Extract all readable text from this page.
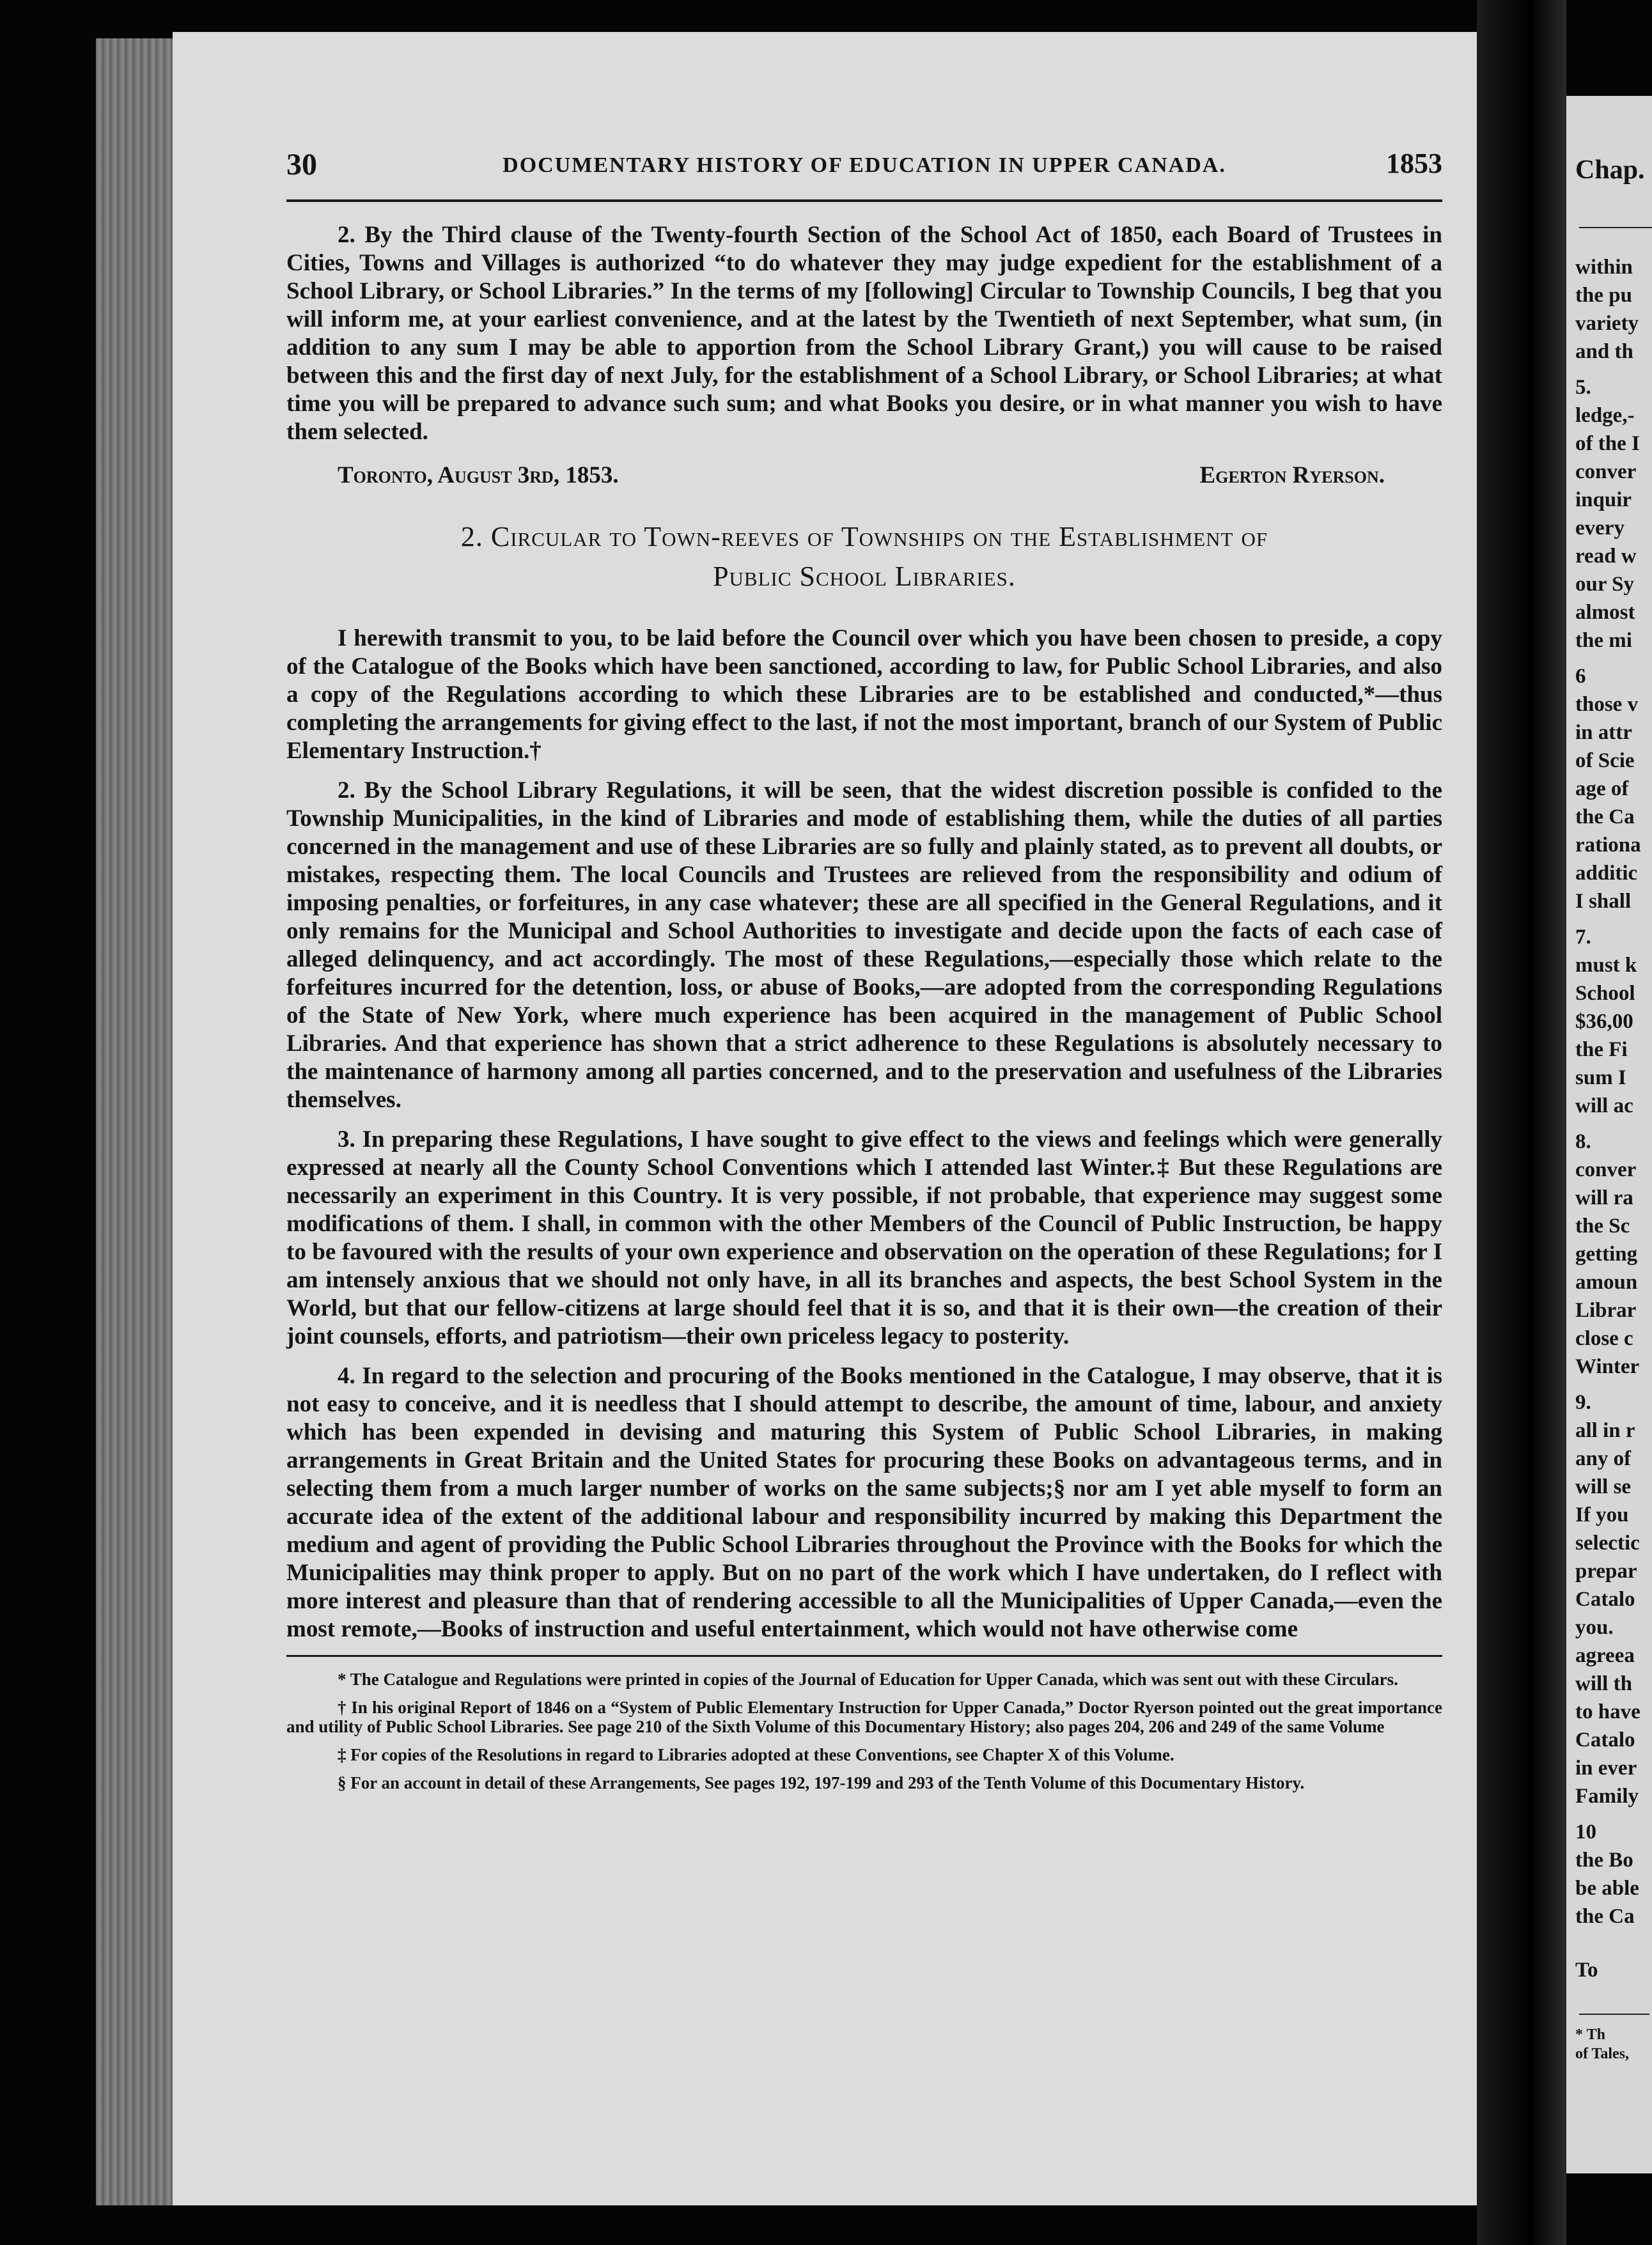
30	DOCUMENTARY HISTORY OF EDUCATION IN UPPER CANADA.	1853

2. By the Third clause of the Twenty-fourth Section of the School Act of 1850, each Board of Trustees in Cities, Towns and Villages is authorized “to do whatever they may judge expedient for the establishment of a School Library, or School Libraries.” In the terms of my [following] Circular to Township Councils, I beg that you will inform me, at your earliest convenience, and at the latest by the Twentieth of next September, what sum, (in addition to any sum I may be able to apportion from the School Library Grant,) you will cause to be raised between this and the first day of next July, for the establishment of a School Library, or School Libraries; at what time you will be prepared to advance such sum; and what Books you desire, or in what manner you wish to have them selected.

Toronto, August 3rd, 1853.	Egerton Ryerson.
2. Circular to Town-reeves of Townships on the Establishment of
Public School Libraries.

I herewith transmit to you, to be laid before the Council over which you have been chosen to preside, a copy of the Catalogue of the Books which have been sanctioned, according to law, for Public School Libraries, and also a copy of the Regulations according to which these Libraries are to be established and conducted,*—thus completing the arrangements for giving effect to the last, if not the most important, branch of our System of Public Elementary Instruction.†

2. By the School Library Regulations, it will be seen, that the widest discretion possible is confided to the Township Municipalities, in the kind of Libraries and mode of establishing them, while the duties of all parties concerned in the management and use of these Libraries are so fully and plainly stated, as to prevent all doubts, or mistakes, respecting them. The local Councils and Trustees are relieved from the responsibility and odium of imposing penalties, or forfeitures, in any case whatever; these are all specified in the General Regulations, and it only remains for the Municipal and School Authorities to investigate and decide upon the facts of each case of alleged delinquency, and act accordingly. The most of these Regulations,—especially those which relate to the forfeitures incurred for the detention, loss, or abuse of Books,—are adopted from the corresponding Regulations of the State of New York, where much experience has been acquired in the management of Public School Libraries. And that experience has shown that a strict adherence to these Regulations is absolutely necessary to the maintenance of harmony among all parties concerned, and to the preservation and usefulness of the Libraries themselves.

3. In preparing these Regulations, I have sought to give effect to the views and feelings which were generally expressed at nearly all the County School Conventions which I attended last Winter.‡ But these Regulations are necessarily an experiment in this Country. It is very possible, if not probable, that experience may suggest some modifications of them. I shall, in common with the other Members of the Council of Public Instruction, be happy to be favoured with the results of your own experience and observation on the operation of these Regulations; for I am intensely anxious that we should not only have, in all its branches and aspects, the best School System in the World, but that our fellow-citizens at large should feel that it is so, and that it is their own—the creation of their joint counsels, efforts, and patriotism—their own priceless legacy to posterity.

4. In regard to the selection and procuring of the Books mentioned in the Catalogue, I may observe, that it is not easy to conceive, and it is needless that I should attempt to describe, the amount of time, labour, and anxiety which has been expended in devising and maturing this System of Public School Libraries, in making arrangements in Great Britain and the United States for procuring these Books on advantageous terms, and in selecting them from a much larger number of works on the same subjects;§ nor am I yet able myself to form an accurate idea of the extent of the additional labour and responsibility incurred by making this Department the medium and agent of providing the Public School Libraries throughout the Province with the Books for which the Municipalities may think proper to apply. But on no part of the work which I have undertaken, do I reflect with more interest and pleasure than that of rendering accessible to all the Municipalities of Upper Canada,—even the most remote,—Books of instruction and useful entertainment, which would not have otherwise come

* The Catalogue and Regulations were printed in copies of the Journal of Education for Upper Canada, which was sent out with these Circulars.

† In his original Report of 1846 on a “System of Public Elementary Instruction for Upper Canada,” Doctor Ryerson pointed out the great importance and utility of Public School Libraries. See page 210 of the Sixth Volume of this Documentary History; also pages 204, 206 and 249 of the same Volume

‡ For copies of the Resolutions in regard to Libraries adopted at these Conventions, see Chapter X of this Volume.

§ For an account in detail of these Arrangements, See pages 192, 197-199 and 293 of the Tenth Volume of this Documentary History.

Chap.
within
the pu
variety
and th
5.
ledge,-
of the I
conver
inquir
every
read w
our Sy
almost
the mi
6
those v
in attr
of Scie
age of
the Ca
rationa
additic
I shall
7.
must k
School
$36,00
the Fi
sum I
will ac
8.
conver
will ra
the Sc
getting
amoun
Librar
close c
Winter
9.
all in r
any of
will se
If you
selectic
prepar
Catalo
you.
agreea
will th
to have
Catalo
in ever
Family
10
the Bo
be able
the Ca
To
* Th
of Tales,
